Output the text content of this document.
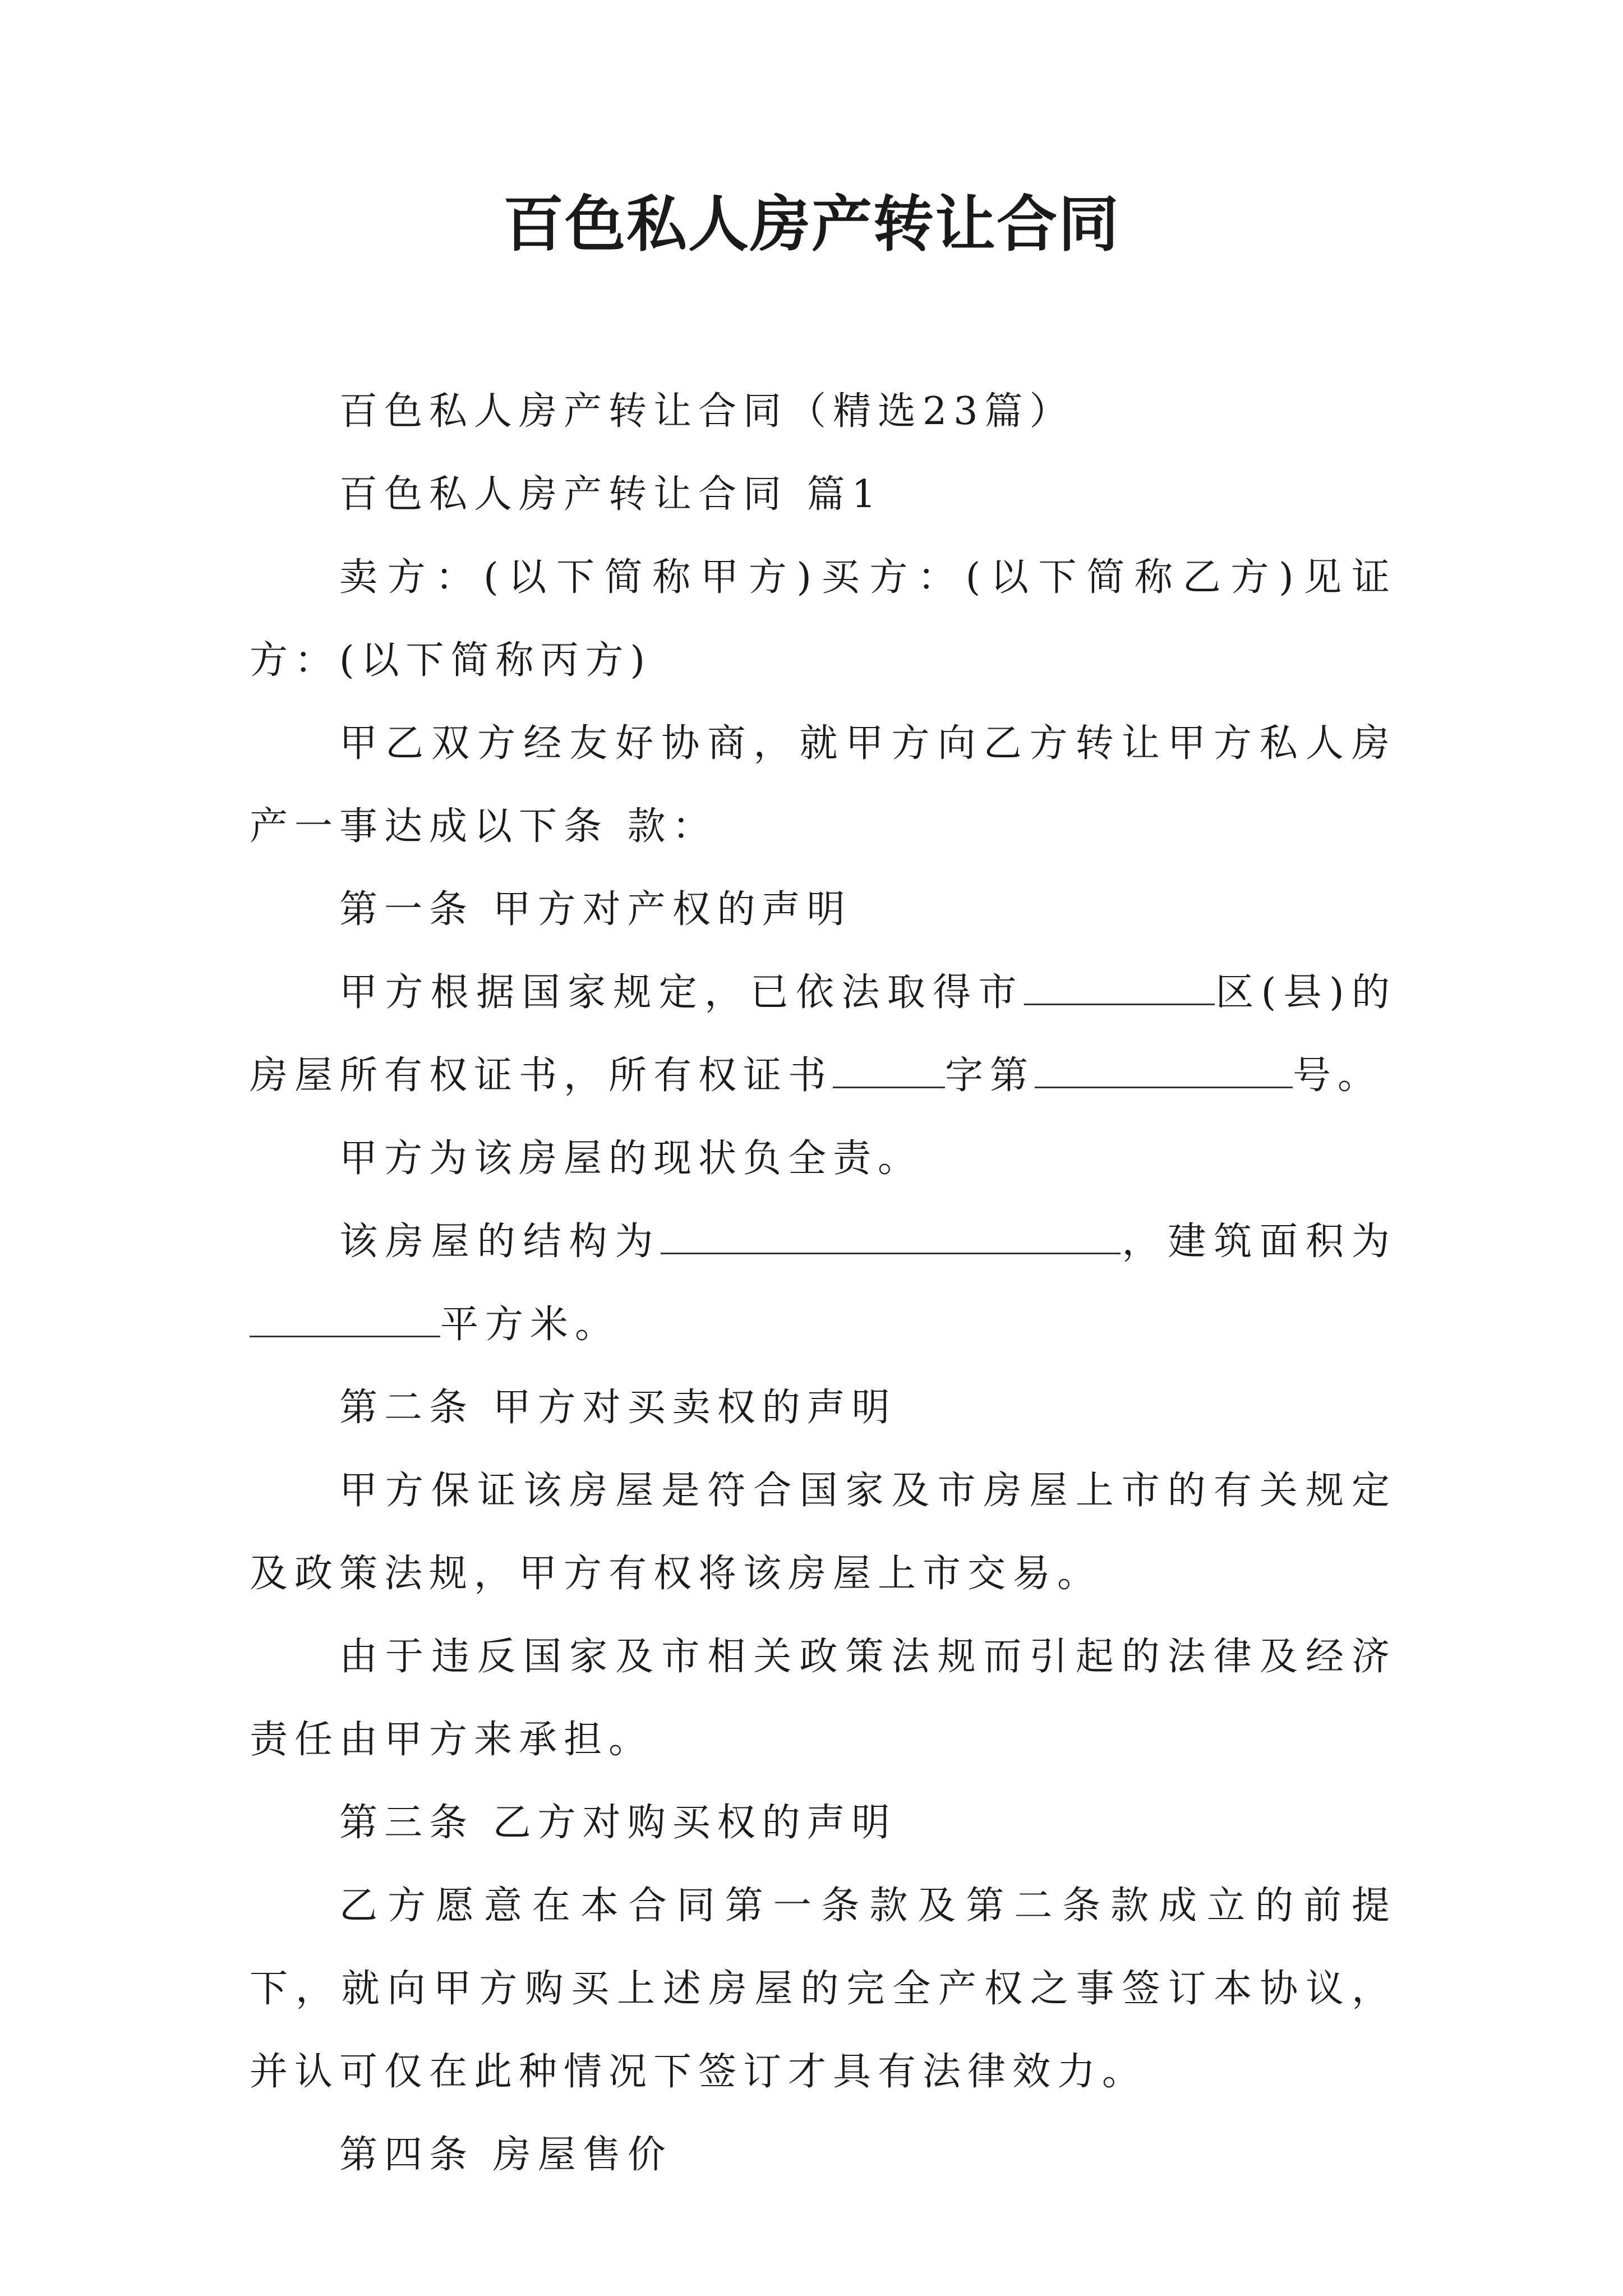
百色私人房产转让合同

百色私人房产转让合同（精选23篇）

百色私人房产转让合同 篇1

卖方：(以下简称甲方)买方：(以下简称乙方)见证方：(以下简称丙方)

甲乙双方经友好协商，就甲方向乙方转让甲方私人房产一事达成以下条 款：

第一条 甲方对产权的声明

甲方根据国家规定，已依法取得市	区(县)的房屋所有权证书，所有权证书	字第	号。

甲方为该房屋的现状负全责。

该房屋的结构为	，建筑面积为平方米。

第二条 甲方对买卖权的声明

甲方保证该房屋是符合国家及市房屋上市的有关规定及政策法规，甲方有权将该房屋上市交易。

由于违反国家及市相关政策法规而引起的法律及经济责任由甲方来承担。

第三条 乙方对购买权的声明

乙方愿意在本合同第一条款及第二条款成立的前提下，就向甲方购买上述房屋的完全产权之事签订本协议，并认可仅在此种情况下签订才具有法律效力。

第四条 房屋售价
